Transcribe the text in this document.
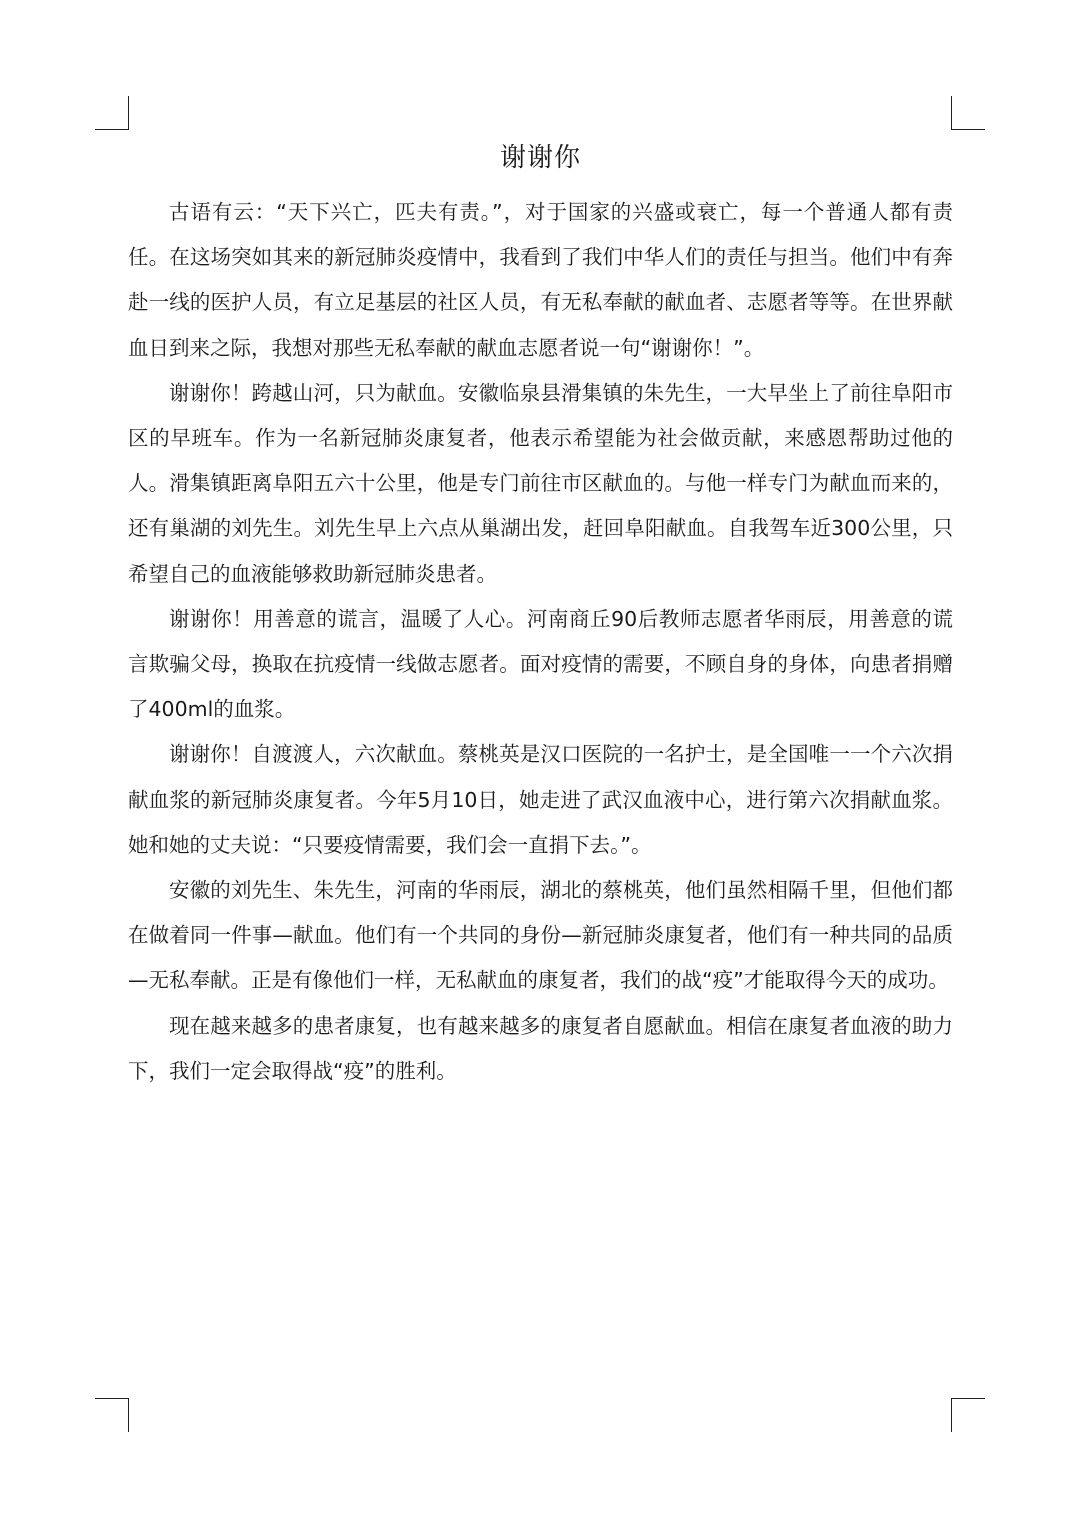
谢谢你

古语有云：“天下兴亡，匹夫有责。”，对于国家的兴盛或衰亡，每一个普通人都有责任。在这场突如其来的新冠肺炎疫情中，我看到了我们中华人们的责任与担当。他们中有奔赴一线的医护人员，有立足基层的社区人员，有无私奉献的献血者、志愿者等等。在世界献血日到来之际，我想对那些无私奉献的献血志愿者说一句“谢谢你！”。

谢谢你！跨越山河，只为献血。安徽临泉县滑集镇的朱先生，一大早坐上了前往阜阳市区的早班车。作为一名新冠肺炎康复者，他表示希望能为社会做贡献，来感恩帮助过他的人。滑集镇距离阜阳五六十公里，他是专门前往市区献血的。与他一样专门为献血而来的，还有巢湖的刘先生。刘先生早上六点从巢湖出发，赶回阜阳献血。自我驾车近300公里，只希望自己的血液能够救助新冠肺炎患者。

谢谢你！用善意的谎言，温暖了人心。河南商丘90后教师志愿者华雨辰，用善意的谎言欺骗父母，换取在抗疫情一线做志愿者。面对疫情的需要，不顾自身的身体，向患者捐赠了400ml的血浆。

谢谢你！自渡渡人，六次献血。蔡桃英是汉口医院的一名护士，是全国唯一一个六次捐献血浆的新冠肺炎康复者。今年5月10日，她走进了武汉血液中心，进行第六次捐献血浆。她和她的丈夫说：“只要疫情需要，我们会一直捐下去。”。

安徽的刘先生、朱先生，河南的华雨辰，湖北的蔡桃英，他们虽然相隔千里，但他们都在做着同一件事—献血。他们有一个共同的身份—新冠肺炎康复者，他们有一种共同的品质—无私奉献。正是有像他们一样，无私献血的康复者，我们的战“疫”才能取得今天的成功。

现在越来越多的患者康复，也有越来越多的康复者自愿献血。相信在康复者血液的助力下，我们一定会取得战“疫”的胜利。
